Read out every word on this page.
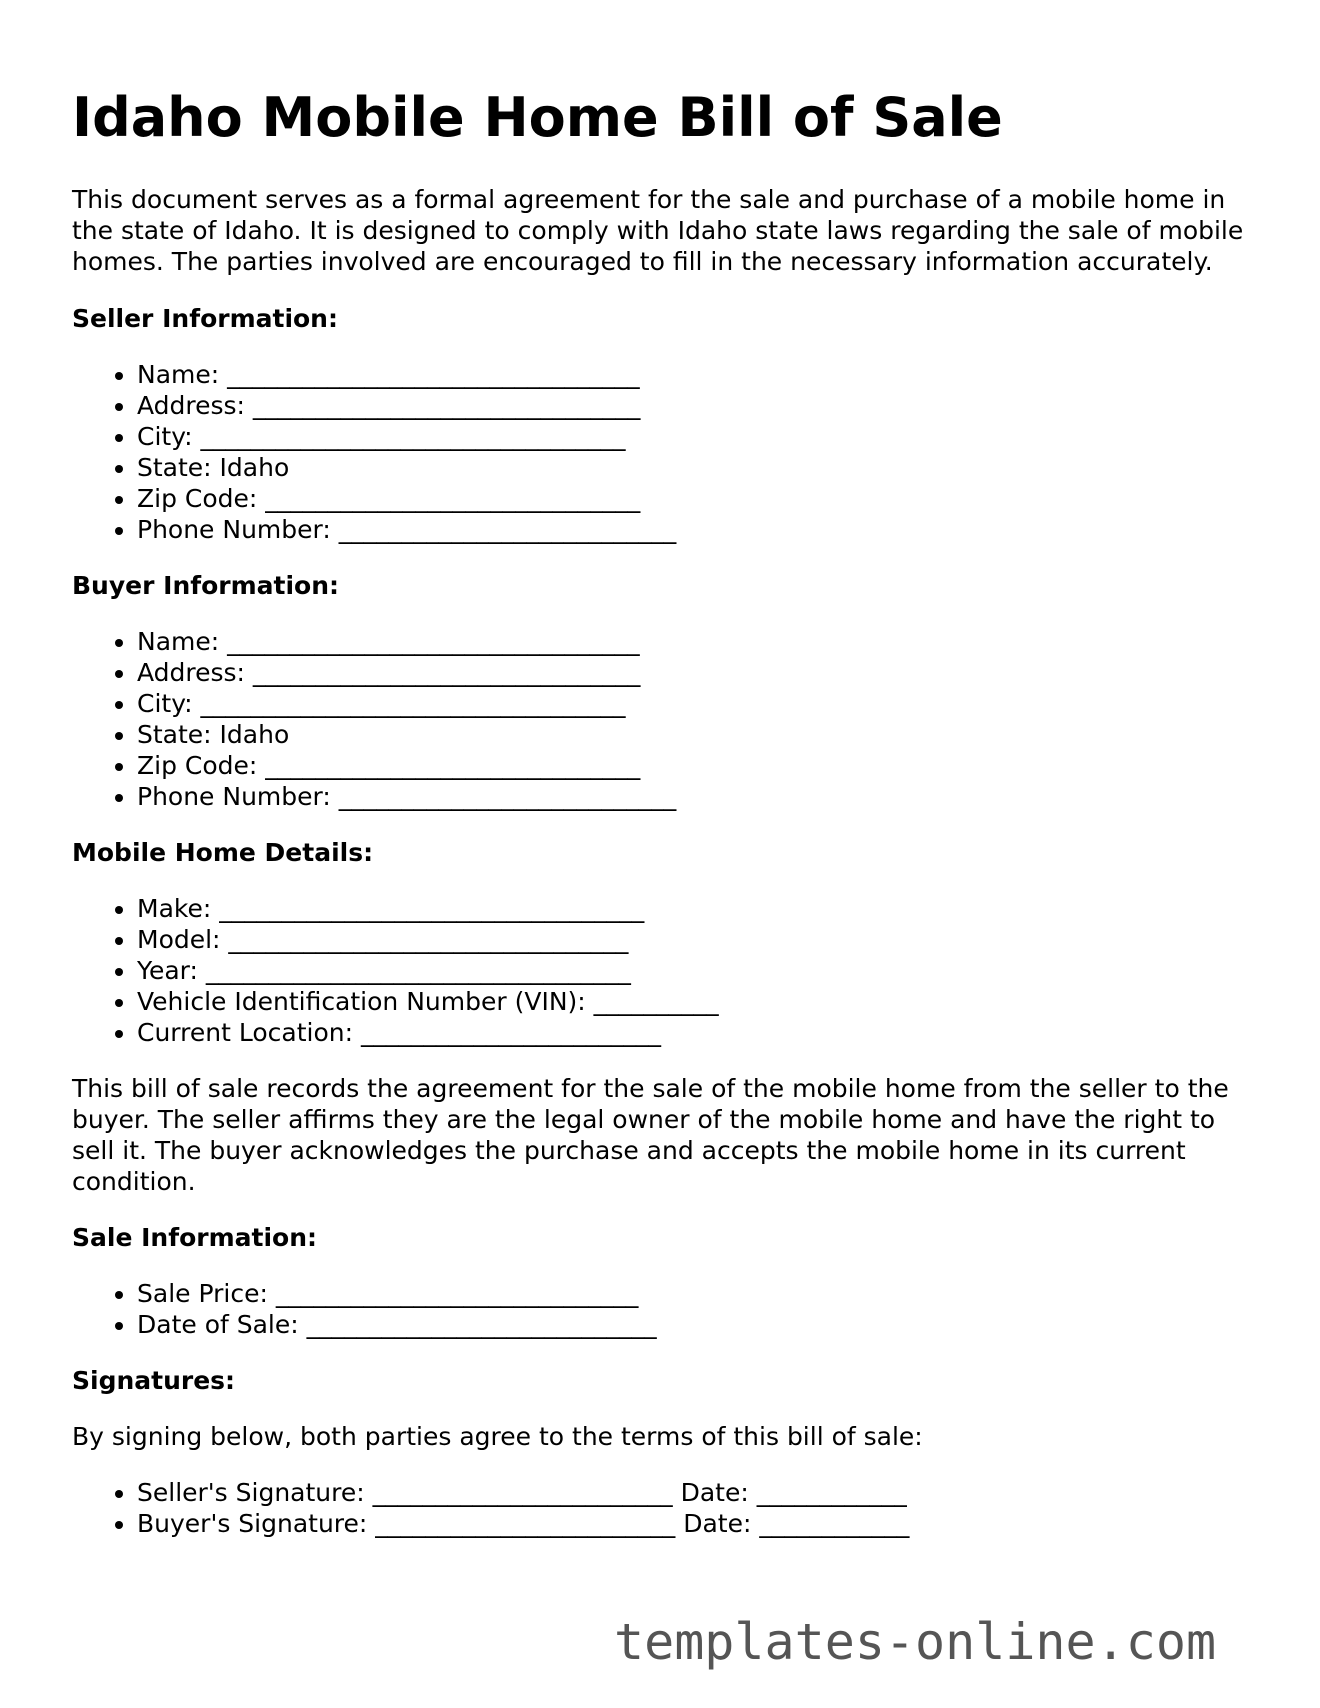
Idaho Mobile Home Bill of Sale

This document serves as a formal agreement for the sale and purchase of a mobile home in the state of Idaho. It is designed to comply with Idaho state laws regarding the sale of mobile homes. The parties involved are encouraged to fill in the necessary information accurately.

Seller Information:
• Name: _________________________________
• Address: _______________________________
• City: __________________________________
• State: Idaho
• Zip Code: ______________________________
• Phone Number: ___________________________
Buyer Information:
• Name: _________________________________
• Address: _______________________________
• City: __________________________________
• State: Idaho
• Zip Code: ______________________________
• Phone Number: ___________________________
Mobile Home Details:
• Make: __________________________________
• Model: ________________________________
• Year: __________________________________
• Vehicle Identification Number (VIN): __________
• Current Location: ________________________

This bill of sale records the agreement for the sale of the mobile home from the seller to the buyer. The seller affirms they are the legal owner of the mobile home and have the right to sell it. The buyer acknowledges the purchase and accepts the mobile home in its current condition.

Sale Information:
• Sale Price: _____________________________
• Date of Sale: ____________________________
Signatures:

By signing below, both parties agree to the terms of this bill of sale:

• Seller's Signature: ________________________ Date: ____________
• Buyer's Signature: ________________________ Date: ____________
templates-online.com
